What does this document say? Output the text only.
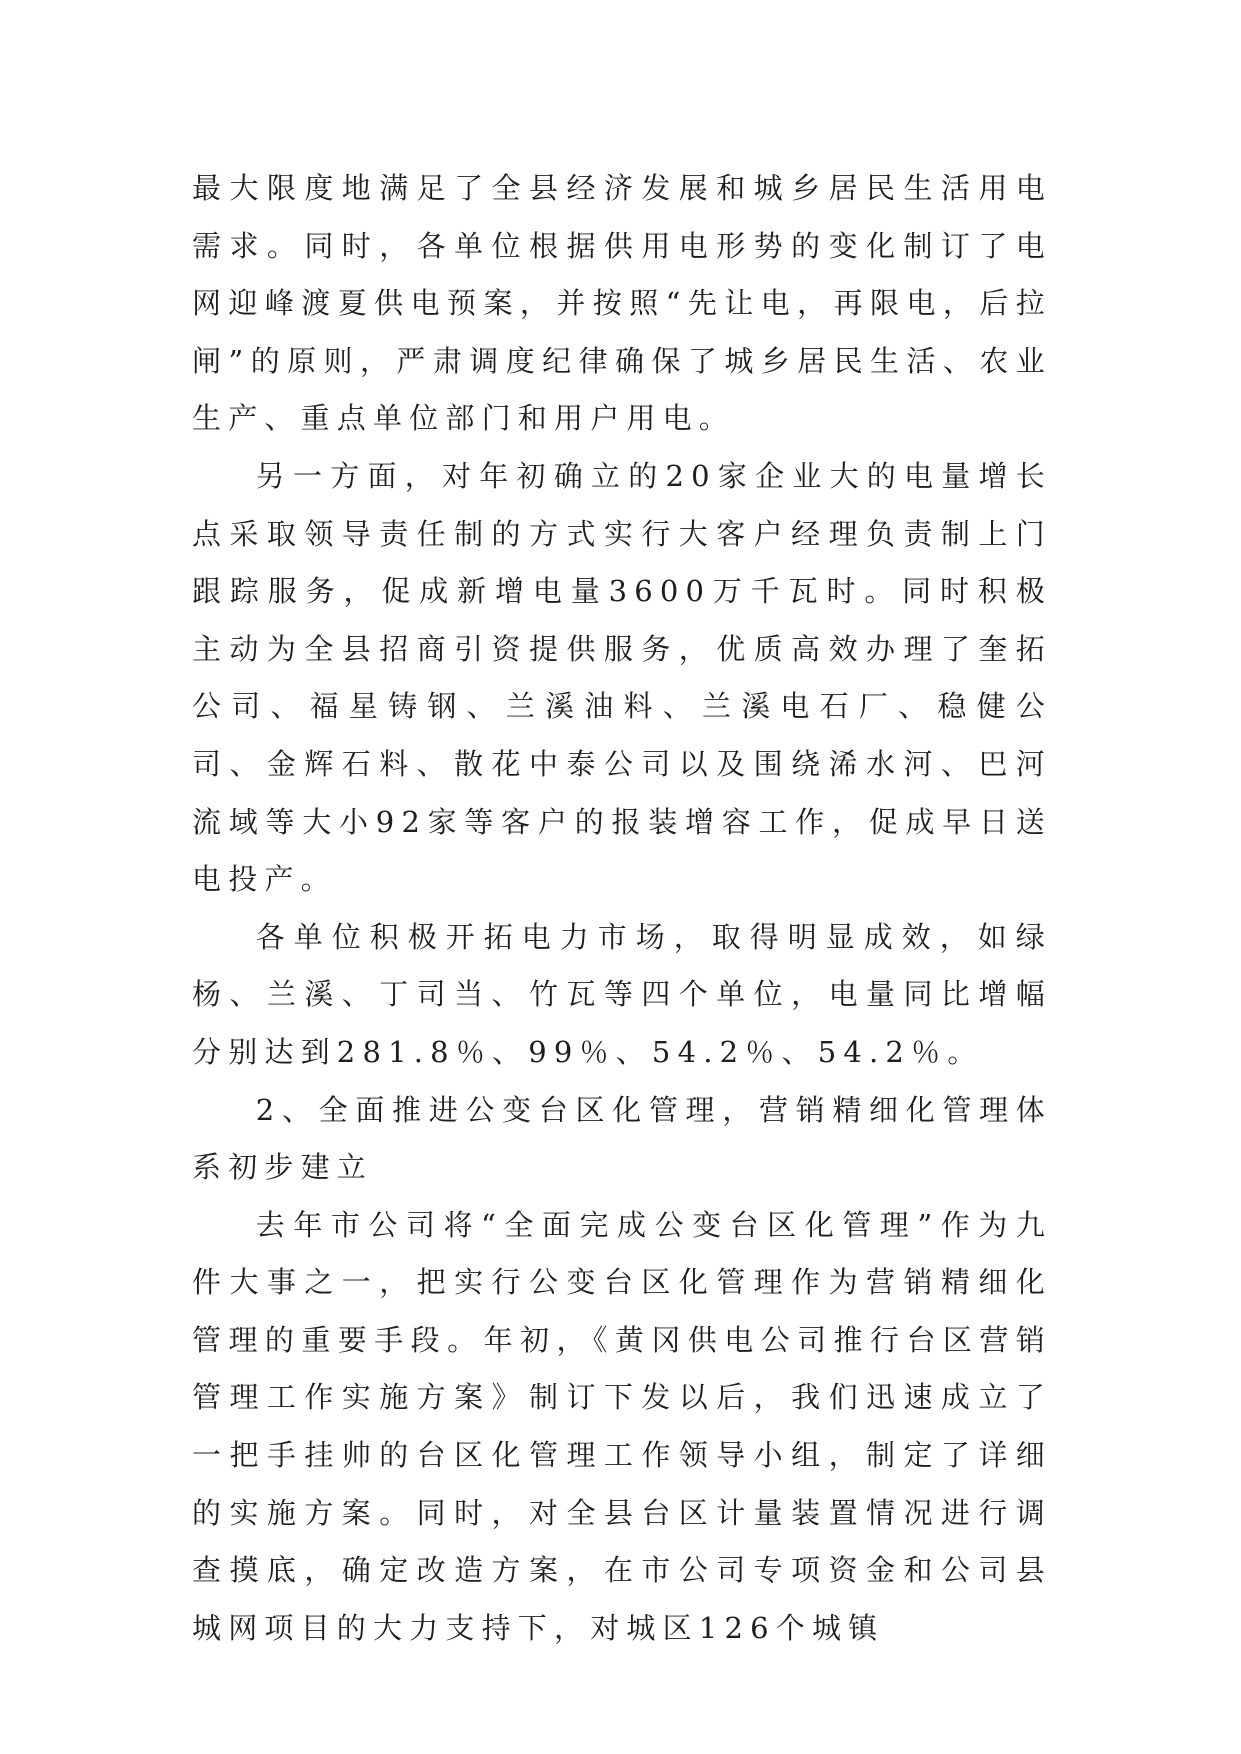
最大限度地满足了全县经济发展和城乡居民生活用电需求。同时，各单位根据供用电形势的变化制订了电网迎峰渡夏供电预案，并按照“先让电，再限电，后拉闸”的原则，严肃调度纪律确保了城乡居民生活、农业生产、重点单位部门和用户用电。

另一方面，对年初确立的20家企业大的电量增长点采取领导责任制的方式实行大客户经理负责制上门跟踪服务，促成新增电量3600万千瓦时。同时积极主动为全县招商引资提供服务，优质高效办理了奎拓公司、福星铸钢、兰溪油料、兰溪电石厂、稳健公司、金辉石料、散花中泰公司以及围绕浠水河、巴河流域等大小92家等客户的报装增容工作，促成早日送电投产。

各单位积极开拓电力市场，取得明显成效，如绿杨、兰溪、丁司当、竹瓦等四个单位，电量同比增幅分别达到281.8％、99％、54.2％、54.2％。

2、全面推进公变台区化管理，营销精细化管理体系初步建立

去年市公司将“全面完成公变台区化管理”作为九件大事之一，把实行公变台区化管理作为营销精细化管理的重要手段。年初，《黄冈供电公司推行台区营销管理工作实施方案》制订下发以后，我们迅速成立了一把手挂帅的台区化管理工作领导小组，制定了详细的实施方案。同时，对全县台区计量装置情况进行调查摸底，确定改造方案，在市公司专项资金和公司县城网项目的大力支持下，对城区126个城镇
